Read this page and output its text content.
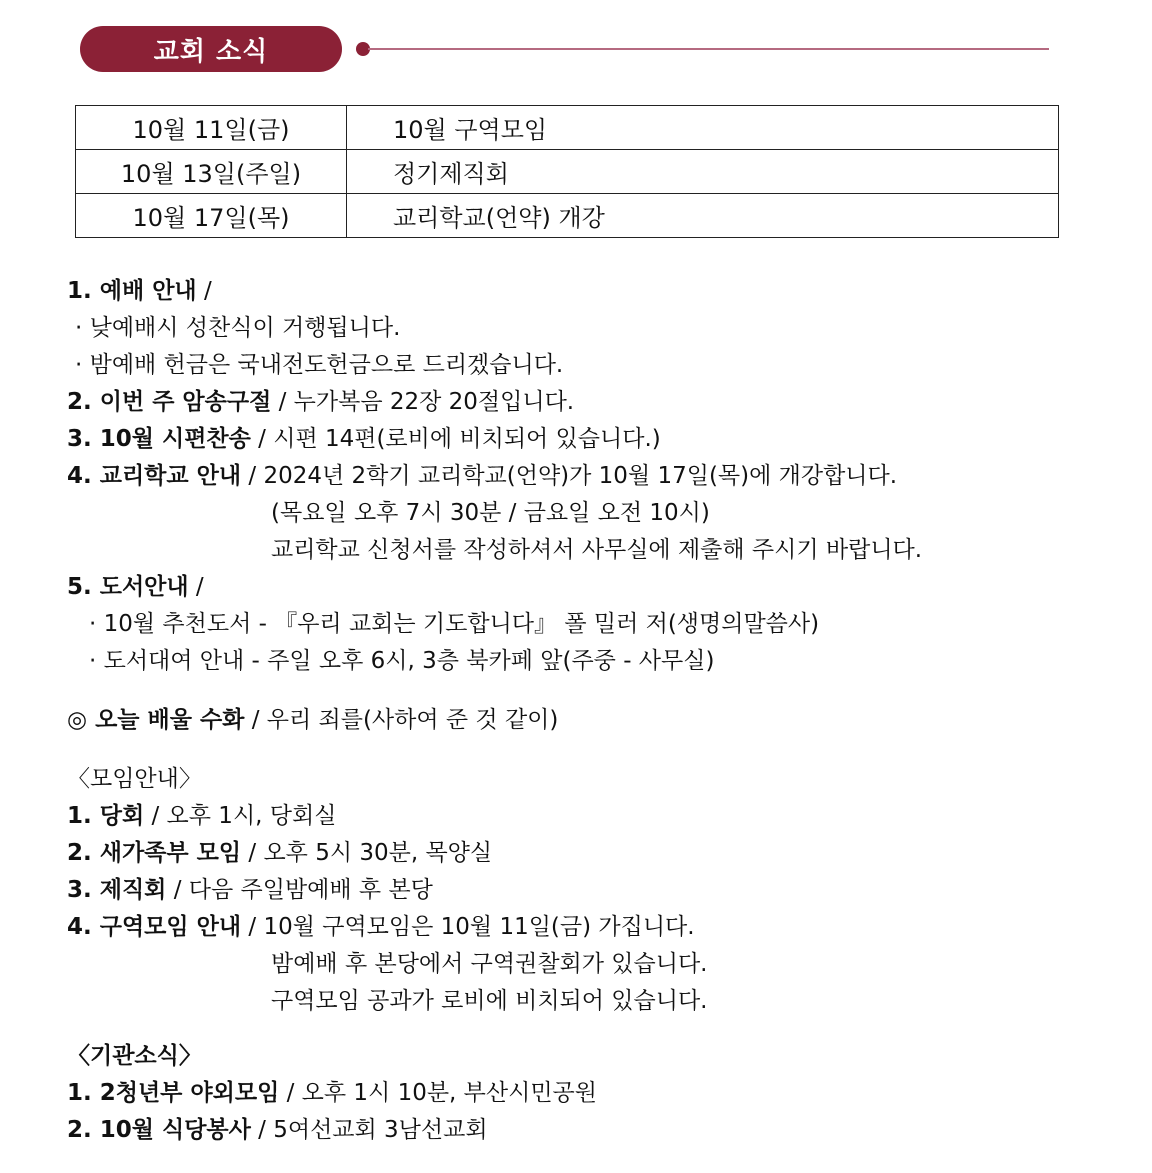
교회 소식
10월 11일(금)	10월 구역모임
10월 13일(주일)	정기제직회
10월 17일(목)	교리학교(언약) 개강
1. 예배 안내 /
· 낮예배시 성찬식이 거행됩니다.
· 밤예배 헌금은 국내전도헌금으로 드리겠습니다.
2. 이번 주 암송구절 / 누가복음 22장 20절입니다.
3. 10월 시편찬송 / 시편 14편(로비에 비치되어 있습니다.)
4. 교리학교 안내 / 2024년 2학기 교리학교(언약)가 10월 17일(목)에 개강합니다.
(목요일 오후 7시 30분 / 금요일 오전 10시)
교리학교 신청서를 작성하셔서 사무실에 제출해 주시기 바랍니다.
5. 도서안내 /
· 10월 추천도서 - 『우리 교회는 기도합니다』 폴 밀러 저(생명의말씀사)
· 도서대여 안내 - 주일 오후 6시, 3층 북카페 앞(주중 - 사무실)
◎ 오늘 배울 수화 / 우리 죄를(사하여 준 것 같이)
〈모임안내〉
1. 당회 / 오후 1시, 당회실
2. 새가족부 모임 / 오후 5시 30분, 목양실
3. 제직회 / 다음 주일밤예배 후 본당
4. 구역모임 안내 / 10월 구역모임은 10월 11일(금) 가집니다.
밤예배 후 본당에서 구역권찰회가 있습니다.
구역모임 공과가 로비에 비치되어 있습니다.
〈기관소식〉
1. 2청년부 야외모임 / 오후 1시 10분, 부산시민공원
2. 10월 식당봉사 / 5여선교회 3남선교회
